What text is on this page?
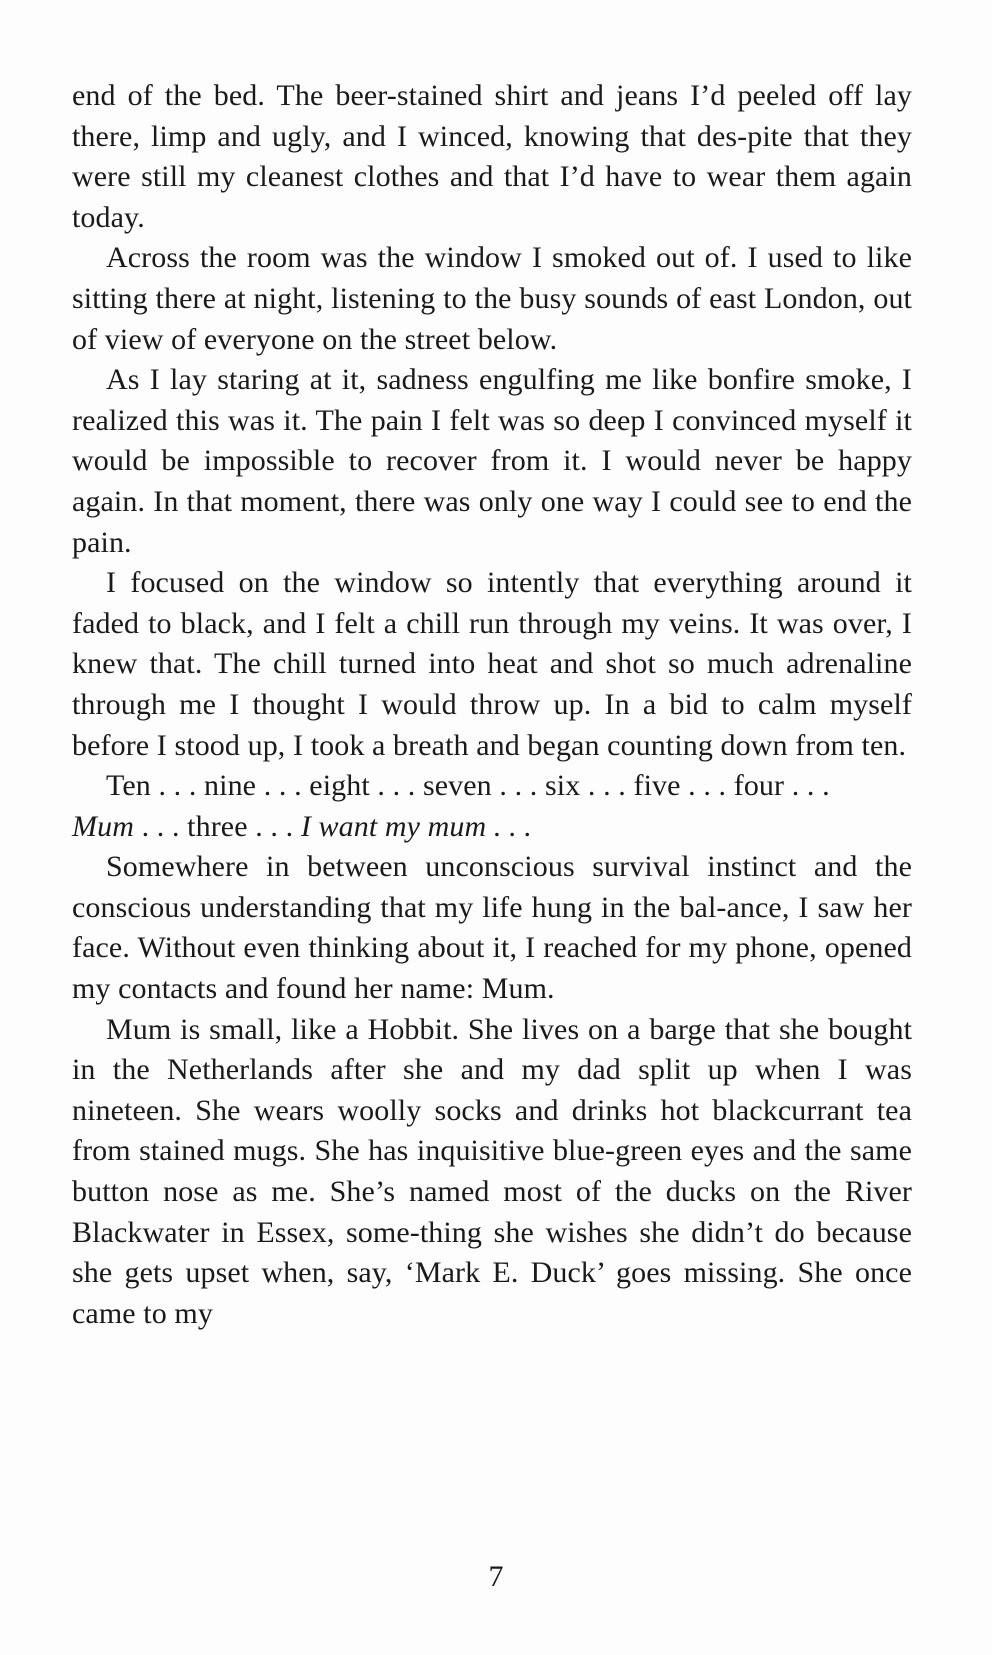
end of the bed. The beer-stained shirt and jeans I’d peeled off lay there, limp and ugly, and I winced, knowing that des-pite that they were still my cleanest clothes and that I’d have to wear them again today.

Across the room was the window I smoked out of. I used to like sitting there at night, listening to the busy sounds of east London, out of view of everyone on the street below.

As I lay staring at it, sadness engulfing me like bonfire smoke, I realized this was it. The pain I felt was so deep I convinced myself it would be impossible to recover from it. I would never be happy again. In that moment, there was only one way I could see to end the pain.

I focused on the window so intently that everything around it faded to black, and I felt a chill run through my veins. It was over, I knew that. The chill turned into heat and shot so much adrenaline through me I thought I would throw up. In a bid to calm myself before I stood up, I took a breath and began counting down from ten.

Ten . . . nine . . . eight . . . seven . . . six . . . five . . . four . . .
Mum . . . three . . . I want my mum . . .

Somewhere in between unconscious survival instinct and the conscious understanding that my life hung in the bal-ance, I saw her face. Without even thinking about it, I reached for my phone, opened my contacts and found her name: Mum.

Mum is small, like a Hobbit. She lives on a barge that she bought in the Netherlands after she and my dad split up when I was nineteen. She wears woolly socks and drinks hot blackcurrant tea from stained mugs. She has inquisitive blue-green eyes and the same button nose as me. She’s named most of the ducks on the River Blackwater in Essex, some-thing she wishes she didn’t do because she gets upset when, say, ‘Mark E. Duck’ goes missing. She once came to my

7
